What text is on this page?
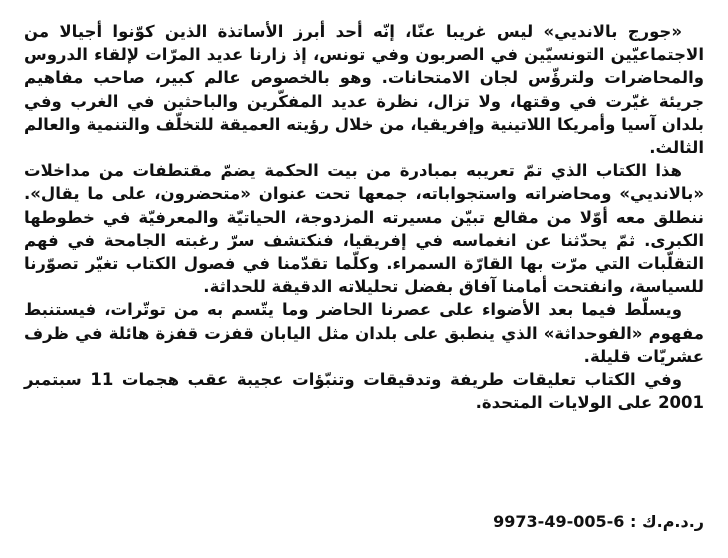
«جورج بالانديي» ليس غريبا عنّا، إنّه أحد أبرز الأساتذة الذين كوّنوا أجيالا من الاجتماعيّين التونسيّين في الصربون وفي تونس، إذ زارنا عديد المرّات لإلقاء الدروس والمحاضرات ولترؤّس لجان الامتحانات. وهو بالخصوص عالم كبير، صاحب مفاهيم جريئة غيّرت في وقتها، ولا تزال، نظرة عديد المفكّرين والباحثين في الغرب وفي بلدان آسيا وأمريكا اللاتينية وإفريقيا، من خلال رؤيته العميقة للتخلّف والتنمية والعالم الثالث.

هذا الكتاب الذي تمّ تعريبه بمبادرة من بيت الحكمة يضمّ مقتطفات من مداخلات «بالانديي» ومحاضراته واستجواباته، جمعها تحت عنوان «متحضرون، على ما يقال». ننطلق معه أوّلا من مقالع تبيّن مسيرته المزدوجة، الحياتيّة والمعرفيّة في خطوطها الكبرى. ثمّ يحدّثنا عن انغماسه في إفريقيا، فنكتشف سرّ رغبته الجامحة في فهم التقلّبات التي مرّت بها القارّة السمراء. وكلّما تقدّمنا في فصول الكتاب تغيّر تصوّرنا للسياسة، وانفتحت أمامنا آفاق بفضل تحليلاته الدقيقة للحداثة.

ويسلّط فيما بعد الأضواء على عصرنا الحاضر وما يتّسم به من توتّرات، فيستنبط مفهوم «الفوحداثة» الذي ينطبق على بلدان مثل اليابان قفزت قفزة هائلة في ظرف عشريّات قليلة.

وفي الكتاب تعليقات طريفة وتدقيقات وتنبّؤات عجيبة عقب هجمات 11 سبتمبر 2001 على الولايات المتحدة.

ر.د.م.ك : 6-005-49-9973
